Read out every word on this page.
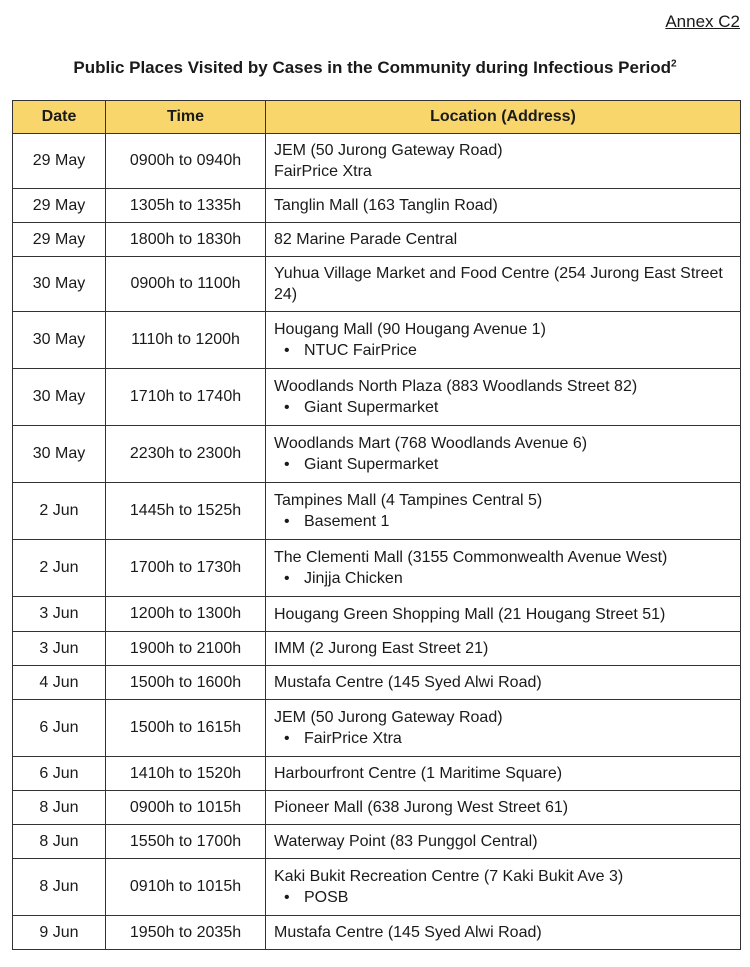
Annex C2
Public Places Visited by Cases in the Community during Infectious Period$^2$
Date	Time	Location (Address)
29 May	0900h to 0940h	JEM (50 Jurong Gateway Road)
FairPrice Xtra

29 May	1305h to 1335h	Tanglin Mall (163 Tanglin Road)

29 May	1800h to 1830h	82 Marine Parade Central

30 May	0900h to 1100h	Yuhua Village Market and Food Centre (254 Jurong East Street 24)

30 May	1110h to 1200h	Hougang Mall (90 Hougang Avenue 1)
• NTUC FairPrice

30 May	1710h to 1740h	Woodlands North Plaza (883 Woodlands Street 82)
• Giant Supermarket

30 May	2230h to 2300h	Woodlands Mart (768 Woodlands Avenue 6)
• Giant Supermarket

2 Jun	1445h to 1525h	Tampines Mall (4 Tampines Central 5)
• Basement 1

2 Jun	1700h to 1730h	The Clementi Mall (3155 Commonwealth Avenue West)
• Jinjja Chicken

3 Jun	1200h to 1300h	Hougang Green Shopping Mall (21 Hougang Street 51)

3 Jun	1900h to 2100h	IMM (2 Jurong East Street 21)

4 Jun	1500h to 1600h	Mustafa Centre (145 Syed Alwi Road)

6 Jun	1500h to 1615h	JEM (50 Jurong Gateway Road)
• FairPrice Xtra

6 Jun	1410h to 1520h	Harbourfront Centre (1 Maritime Square)

8 Jun	0900h to 1015h	Pioneer Mall (638 Jurong West Street 61)

8 Jun	1550h to 1700h	Waterway Point (83 Punggol Central)

8 Jun	0910h to 1015h	Kaki Bukit Recreation Centre (7 Kaki Bukit Ave 3)
• POSB

9 Jun	1950h to 2035h	Mustafa Centre (145 Syed Alwi Road)
